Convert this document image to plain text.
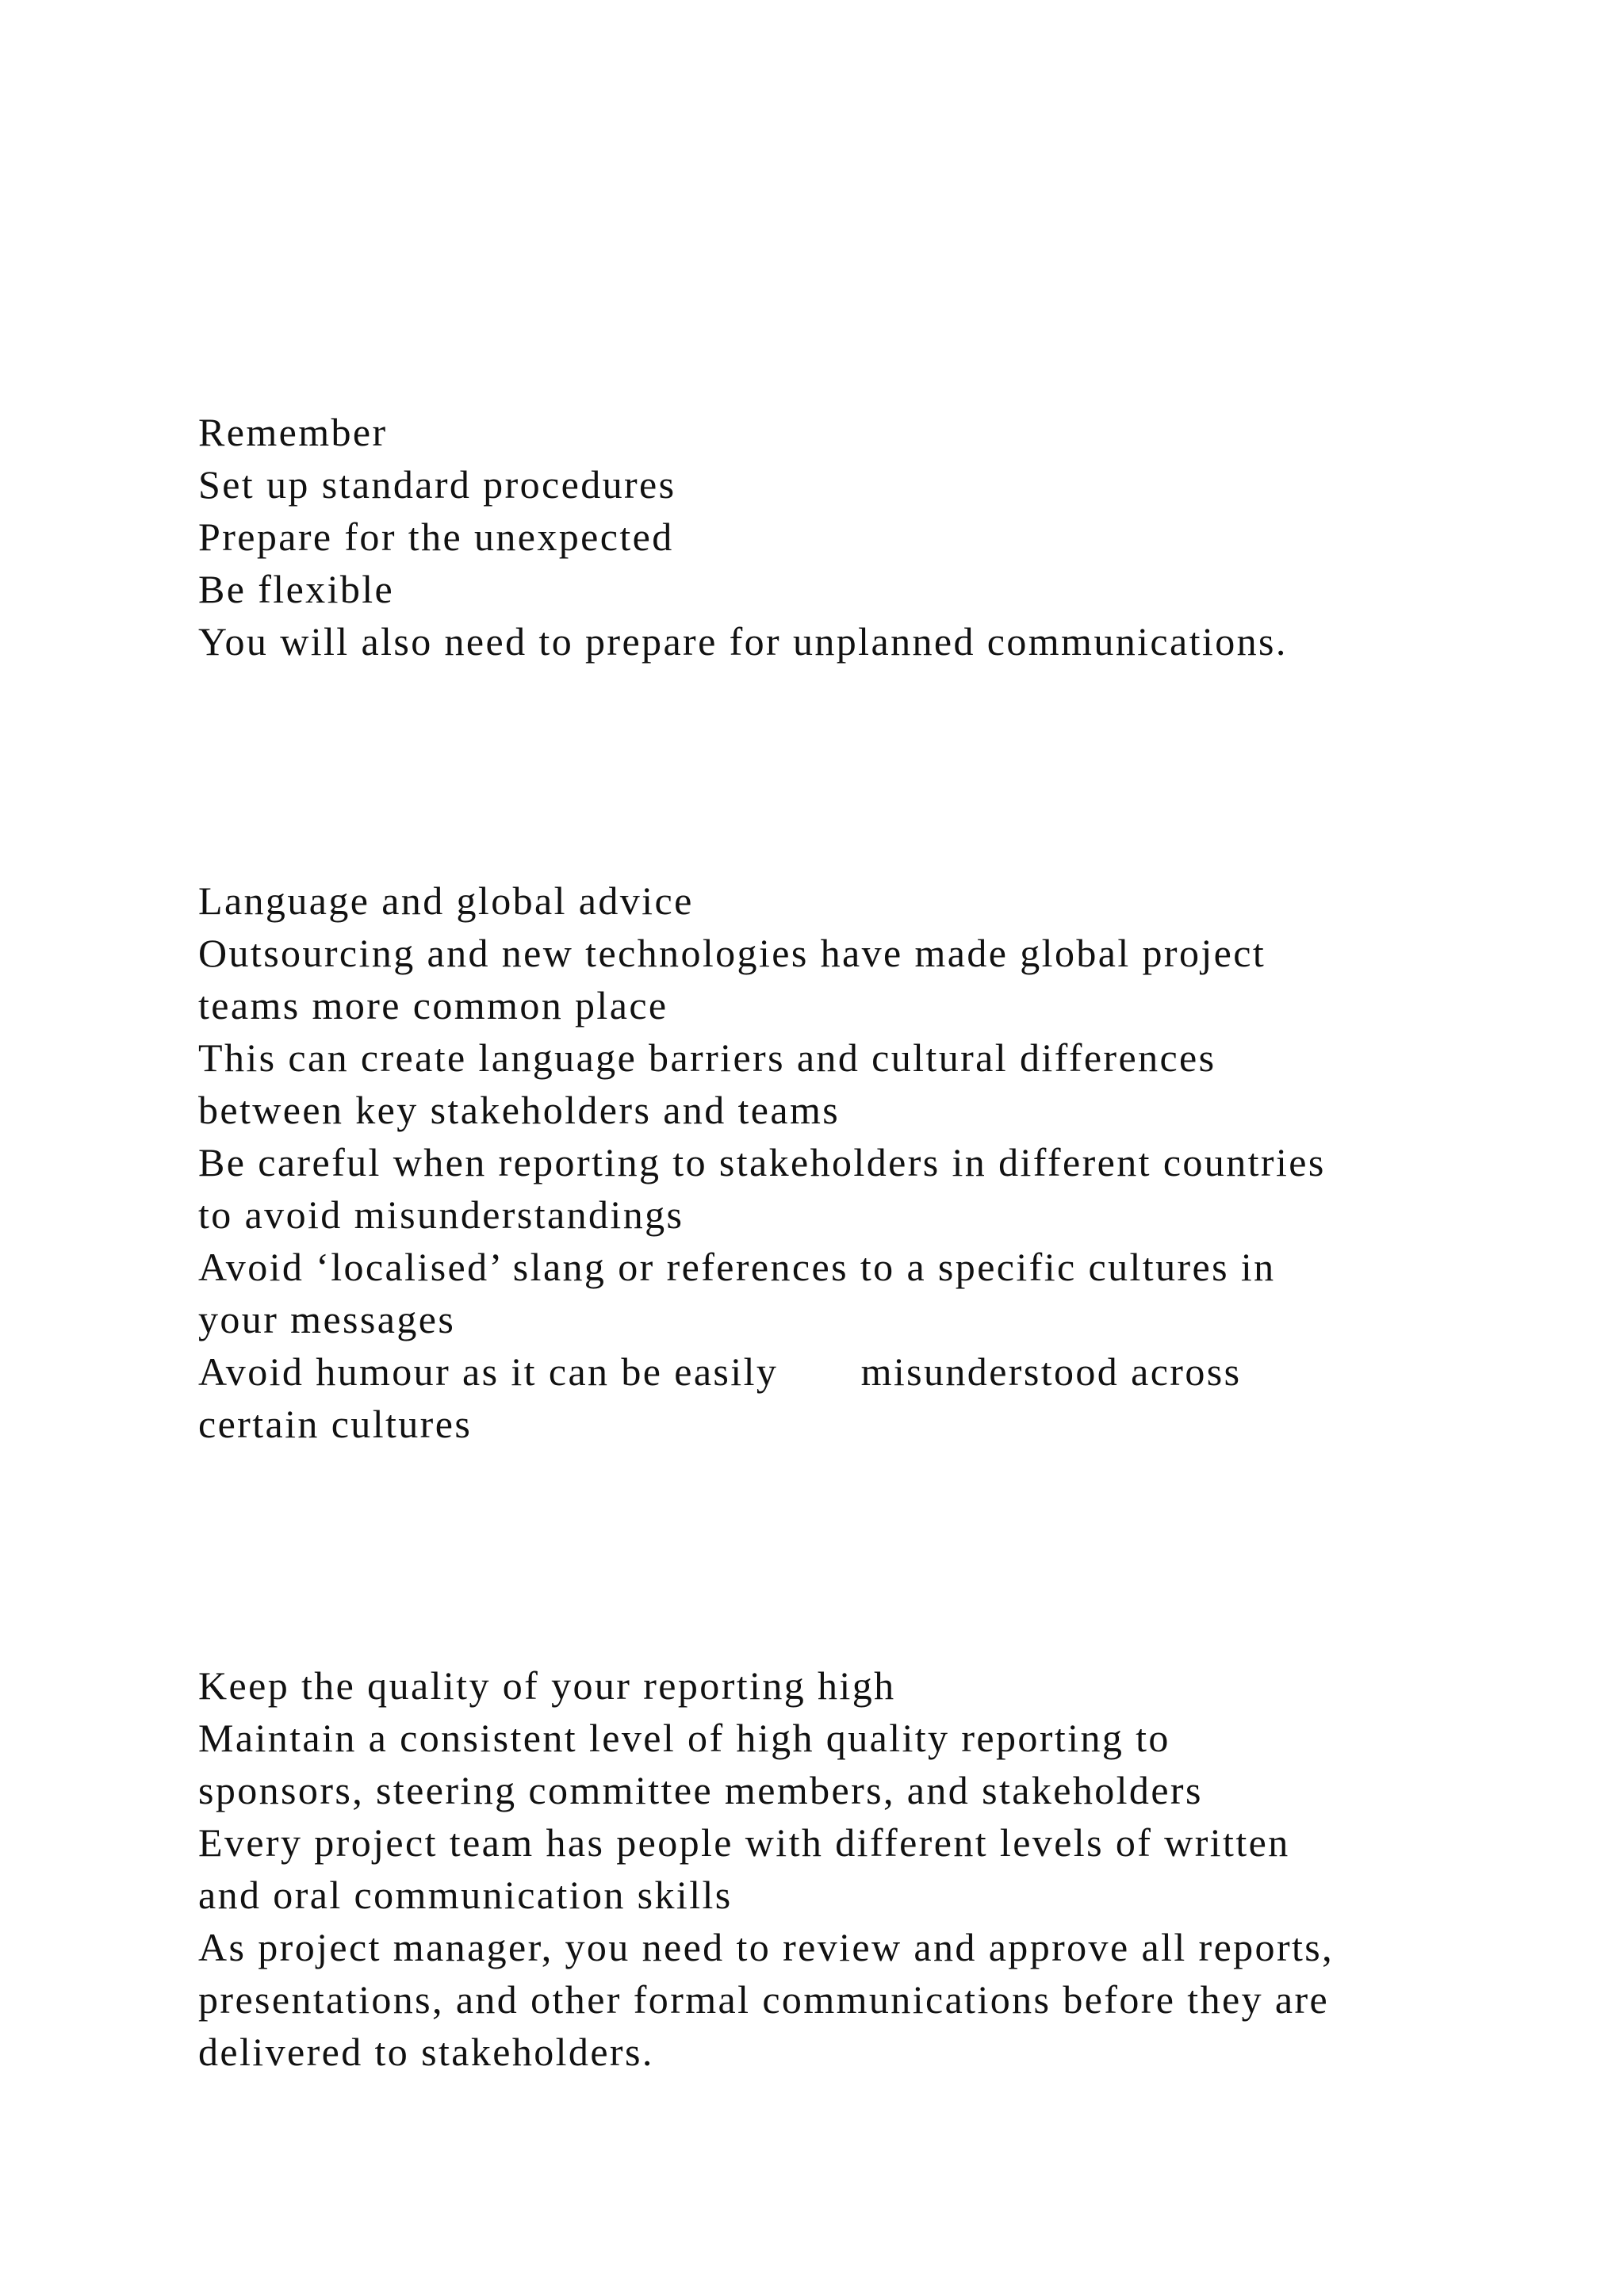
Remember
Set up standard procedures
Prepare for the unexpected
Be flexible
You will also need to prepare for unplanned communications.
Language and global advice
Outsourcing and new technologies have made global project
teams more common place
This can create language barriers and cultural differences
between key stakeholders and teams
Be careful when reporting to stakeholders in different countries
to avoid misunderstandings
Avoid ‘localised’ slang or references to a specific cultures in
your messages
Avoid humour as it can be easily       misunderstood across
certain cultures
Keep the quality of your reporting high
Maintain a consistent level of high quality reporting to
sponsors, steering committee members, and stakeholders
Every project team has people with different levels of written
and oral communication skills
As project manager, you need to review and approve all reports,
presentations, and other formal communications before they are
delivered to stakeholders.
